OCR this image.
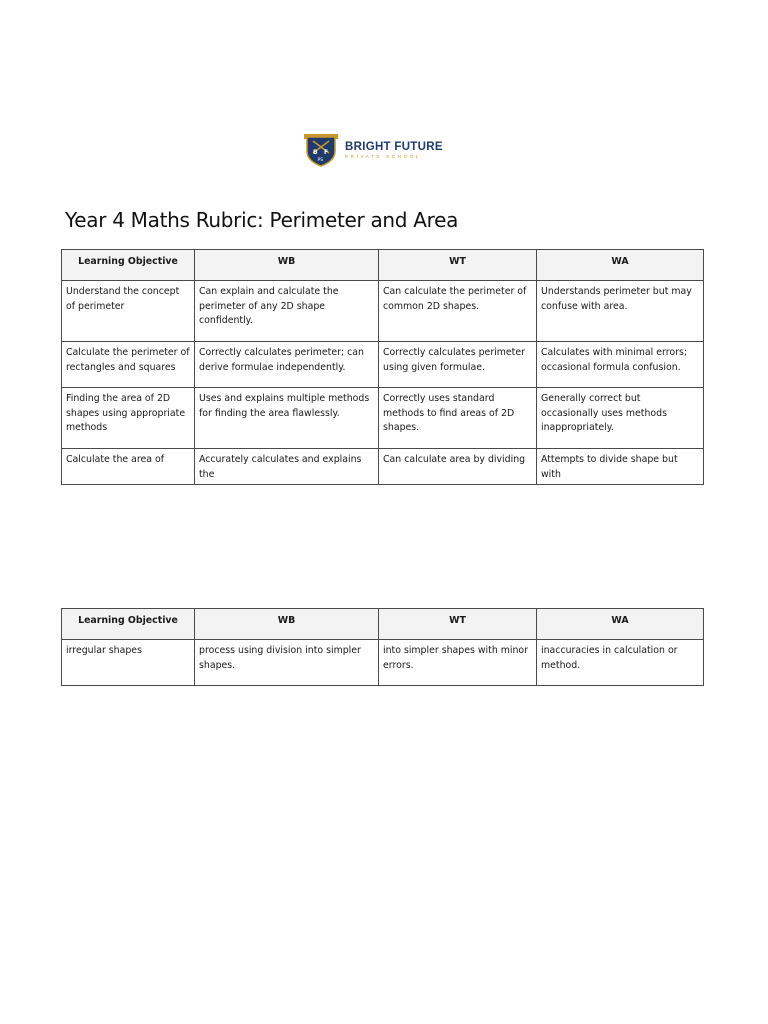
B F
PS
BRIGHT FUTURE
PRIVATE SCHOOL
Year 4 Maths Rubric: Perimeter and Area
Learning Objective	WB	WT	WA
Understand the concept of perimeter	Can explain and calculate the perimeter of any 2D shape confidently.	Can calculate the perimeter of common 2D shapes.	Understands perimeter but may confuse with area.
Calculate the perimeter of rectangles and squares	Correctly calculates perimeter; can derive formulae independently.	Correctly calculates perimeter using given formulae.	Calculates with minimal errors; occasional formula confusion.
Finding the area of 2D shapes using appropriate methods	Uses and explains multiple methods for finding the area flawlessly.	Correctly uses standard methods to find areas of 2D shapes.	Generally correct but occasionally uses methods inappropriately.
Calculate the area of	Accurately calculates and explains the	Can calculate area by dividing	Attempts to divide shape but with
Learning Objective	WB	WT	WA
irregular shapes	process using division into simpler shapes.	into simpler shapes with minor errors.	inaccuracies in calculation or method.
